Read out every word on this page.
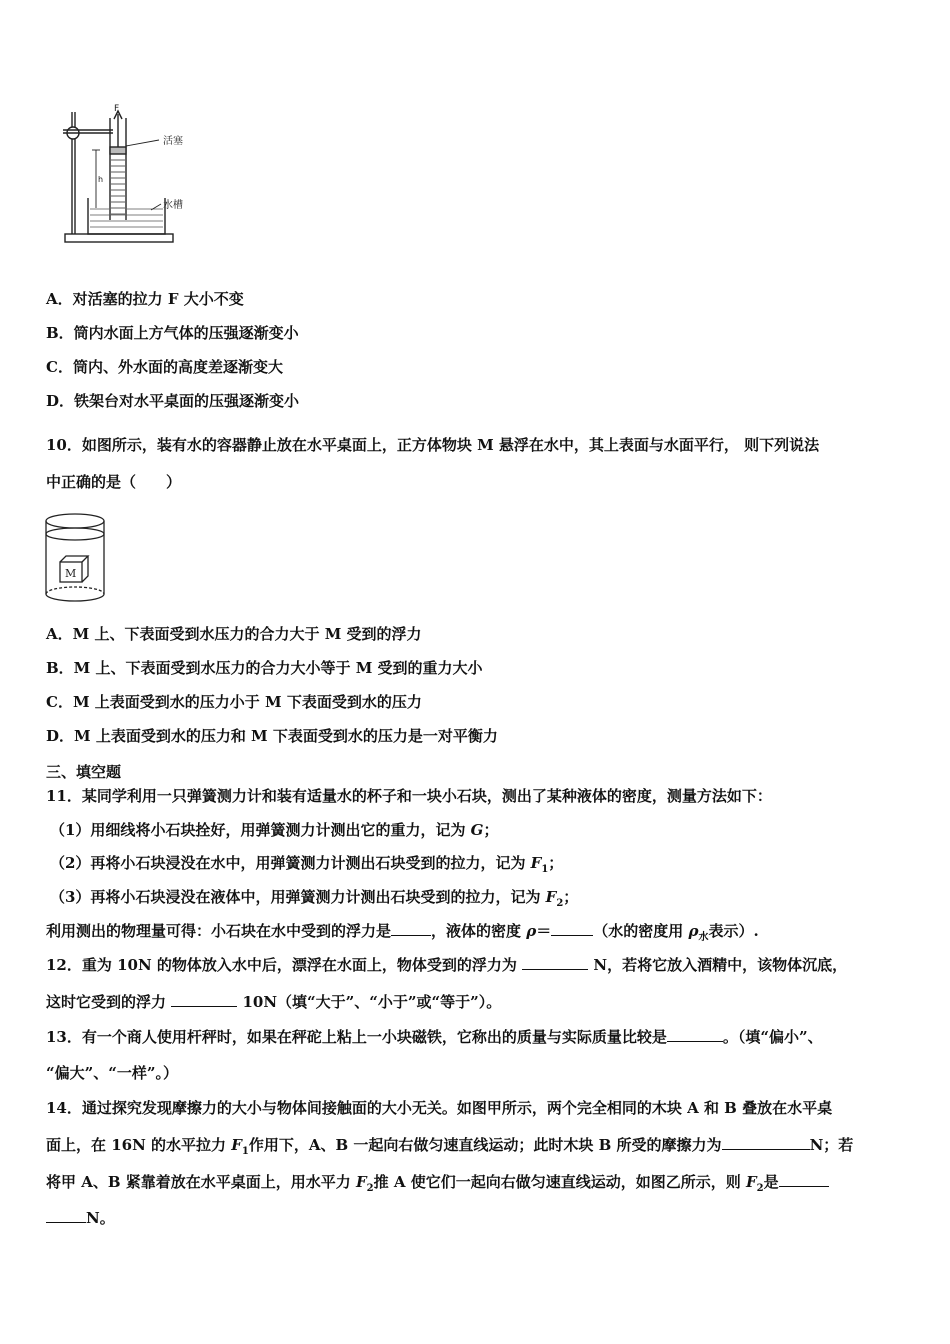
F
活塞
水槽
h
A．对活塞的拉力 F 大小不变
B．筒内水面上方气体的压强逐渐变小
C．筒内、外水面的高度差逐渐变大
D．铁架台对水平桌面的压强逐渐变小
10．如图所示，装有水的容器静止放在水平桌面上，正方体物块 M 悬浮在水中，其上表面与水面平行， 则下列说法
中正确的是（　　）
M
A．M 上、下表面受到水压力的合力大于 M 受到的浮力
B．M 上、下表面受到水压力的合力大小等于 M 受到的重力大小
C．M 上表面受到水的压力小于 M 下表面受到水的压力
D．M 上表面受到水的压力和 M 下表面受到水的压力是一对平衡力
三、填空题
11．某同学利用一只弹簧测力计和装有适量水的杯子和一块小石块，测出了某种液体的密度，测量方法如下：
（1）用细线将小石块拴好，用弹簧测力计测出它的重力，记为 G；
（2）再将小石块浸没在水中，用弹簧测力计测出石块受到的拉力，记为 $F_1$；
（3）再将小石块浸没在液体中，用弹簧测力计测出石块受到的拉力，记为 $F_2$；
利用测出的物理量可得：小石块在水中受到的浮力是	，液体的密度 ρ＝	（水的密度用 $\rho_水$表示）.
12．重为 10N 的物体放入水中后，漂浮在水面上，物体受到的浮力为	N，若将它放入酒精中，该物体沉底，
这时它受到的浮力	10N（填“大于”、“小于”或“等于”）。
13．有一个商人使用杆秤时，如果在秤砣上粘上一小块磁铁，它称出的质量与实际质量比较是	。（填“偏小”、
“偏大”、“一样”。）
14．通过探究发现摩擦力的大小与物体间接触面的大小无关。如图甲所示，两个完全相同的木块 A 和 B 叠放在水平桌
面上，在 16N 的水平拉力 $F_1$作用下，A、B 一起向右做匀速直线运动；此时木块 B 所受的摩擦力为	N；若
将甲 A、B 紧靠着放在水平桌面上，用水平力 $F_2$推 A 使它们一起向右做匀速直线运动，如图乙所示，则 $F_2$是
N。
